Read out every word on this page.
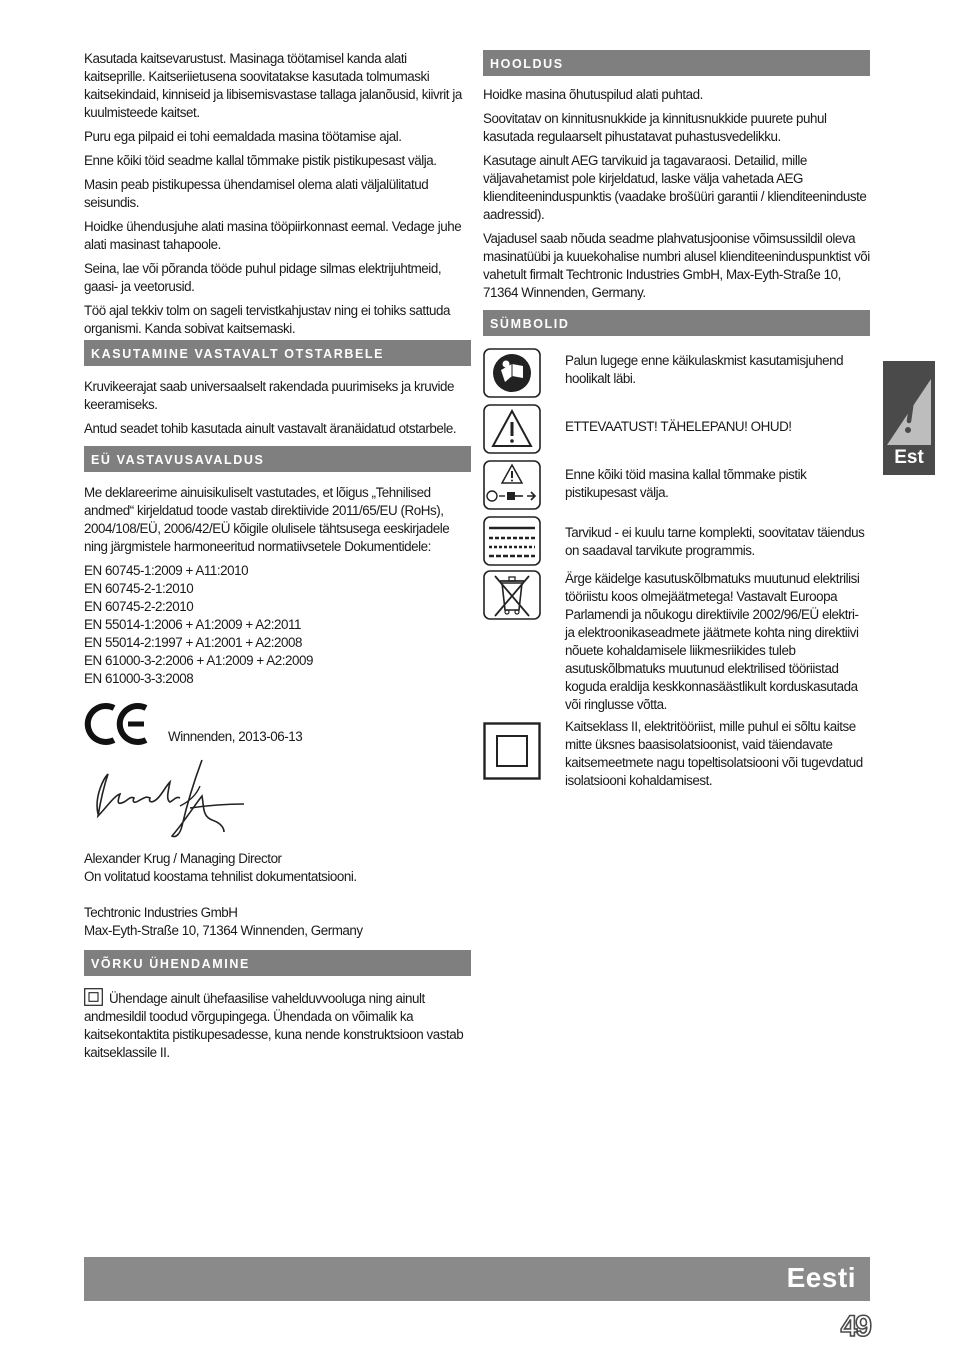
Kasutada kaitsevarustust. Masinaga töötamisel kanda alati kaitseprille. Kaitseriietusena soovitatakse kasutada tolmumaski kaitsekindaid, kinniseid ja libisemisvastase tallaga jalanõusid, kiivrit ja kuulmisteede kaitset.

Puru ega pilpaid ei tohi eemaldada masina töötamise ajal.

Enne kõiki töid seadme kallal tõmmake pistik pistikupesast välja.

Masin peab pistikupessa ühendamisel olema alati väljalülitatud seisundis.

Hoidke ühendusjuhe alati masina tööpiirkonnast eemal. Vedage juhe alati masinast tahapoole.

Seina, lae või põranda tööde puhul pidage silmas elektrijuhtmeid, gaasi- ja veetorusid.

Töö ajal tekkiv tolm on sageli tervistkahjustav ning ei tohiks sattuda organismi. Kanda sobivat kaitsemaski.

KASUTAMINE VASTAVALT OTSTARBELE

Kruvikeerajat saab universaalselt rakendada puurimiseks ja kruvide keeramiseks.

Antud seadet tohib kasutada ainult vastavalt äranäidatud otstarbele.

EÜ VASTAVUSAVALDUS

Me deklareerime ainuisikuliselt vastutades, et lõigus „Tehnilised andmed“ kirjeldatud toode vastab direktiivide 2011/65/EU (RoHs), 2004/108/EÜ, 2006/42/EÜ kõigile olulisele tähtsusega eeskirjadele ning järgmistele harmoneeritud normatiivsetele Dokumentidele:

EN 60745-1:2009 + A11:2010

EN 60745-2-1:2010

EN 60745-2-2:2010

EN 55014-1:2006 + A1:2009 + A2:2011

EN 55014-2:1997 + A1:2001 + A2:2008

EN 61000-3-2:2006 + A1:2009 + A2:2009

EN 61000-3-3:2008

Winnenden, 2013-06-13

Alexander Krug / Managing Director

On volitatud koostama tehnilist dokumentatsiooni.

Techtronic Industries GmbH

Max-Eyth-Straße 10, 71364 Winnenden, Germany

VÕRKU ÜHENDAMINE

Ühendage ainult ühefaasilise vahelduvvooluga ning ainult andmesildil toodud võrgupingega. Ühendada on võimalik ka kaitsekontaktita pistikupesadesse, kuna nende konstruktsioon vastab kaitseklassile II.

HOOLDUS

Hoidke masina õhutuspilud alati puhtad.

Soovitatav on kinnitusnukkide ja kinnitusnukkide puurete puhul kasutada regulaarselt pihustatavat puhastusvedelikku.

Kasutage ainult AEG tarvikuid ja tagavaraosi. Detailid, mille väljavahetamist pole kirjeldatud, laske välja vahetada AEG klienditeeninduspunktis (vaadake brošüüri garantii / klienditeeninduste aadressid).

Vajadusel saab nõuda seadme plahvatusjoonise võimsussildil oleva masinatüübi ja kuuekohalise numbri alusel klienditeeninduspunktist või vahetult firmalt Techtronic Industries GmbH, Max-Eyth-Straße 10, 71364 Winnenden, Germany.

SÜMBOLID

Palun lugege enne käikulaskmist kasutamisjuhend hoolikalt läbi.

ETTEVAATUST! TÄHELEPANU! OHUD!

Enne kõiki töid masina kallal tõmmake pistik pistikupesast välja.

Tarvikud - ei kuulu tarne komplekti, soovitatav täiendus on saadaval tarvikute programmis.

Ärge käidelge kasutuskõlbmatuks muutunud elektrilisi tööriistu koos olmejäätmetega! Vastavalt Euroopa Parlamendi ja nõukogu direktiivile 2002/96/EÜ elektri- ja elektroonikaseadmete jäätmete kohta ning direktiivi nõuete kohaldamisele liikmesriikides tuleb asutuskõlbmatuks muutunud elektrilised tööriistad koguda eraldija keskkonnasäästlikult korduskasutada või ringlusse võtta.

Kaitseklass II, elektritööriist, mille puhul ei sõltu kaitse mitte üksnes baasisolatsioonist, vaid täiendavate kaitsemeetmete nagu topeltisolatsiooni või tugevdatud isolatsiooni kohaldamisest.

Est
Eesti
49
